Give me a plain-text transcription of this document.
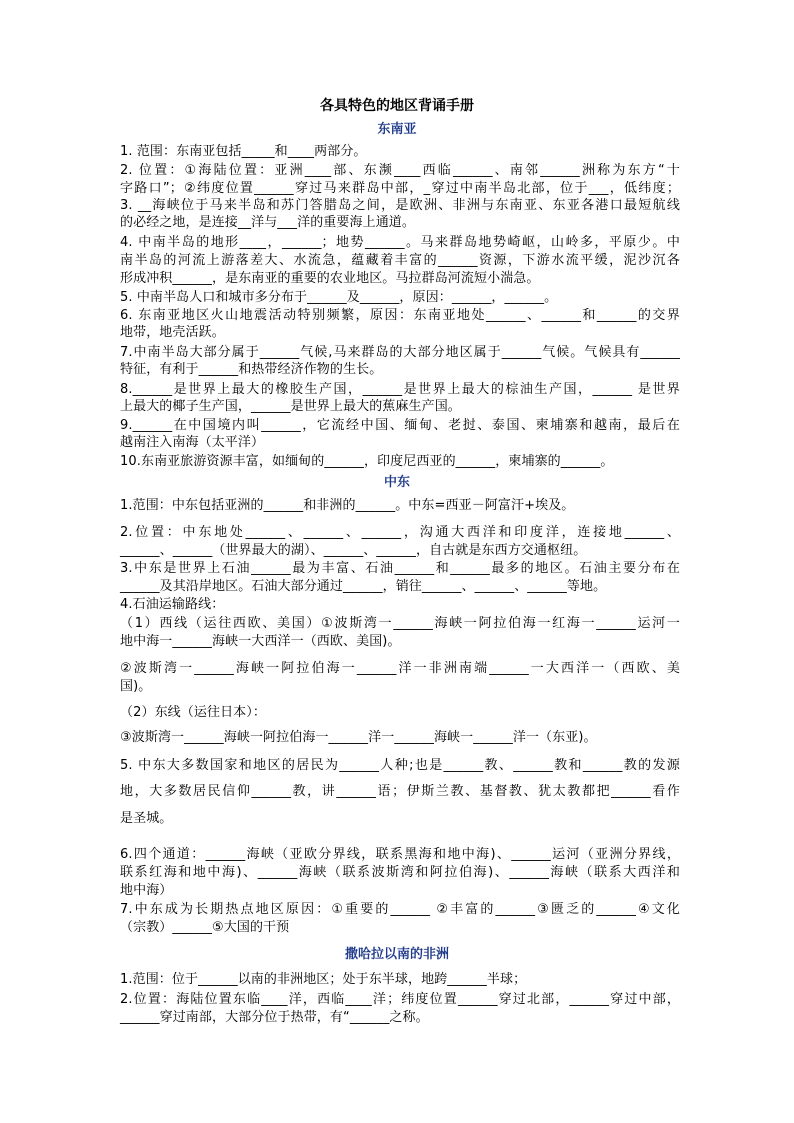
各具特色的地区背诵手册
东南亚
1. 范围：东南亚包括_____和____两部分。
2. 位置：①海陆位置：亚洲____部、东濒____西临______、南邻______洲称为东方“十
字路口”；②纬度位置______穿过马来群岛中部，_穿过中南半岛北部，位于___，低纬度；
3. __海峡位于马来半岛和苏门答腊岛之间，是欧洲、非洲与东南亚、东亚各港口最短航线
的必经之地，是连接__洋与___洋的重要海上通道。
4. 中南半岛的地形____，______；地势______。马来群岛地势崎岖，山岭多，平原少。中
南半岛的河流上游落差大、水流急，蕴藏着丰富的______资源，下游水流平缓，泥沙沉各
形成冲积______，是东南亚的重要的农业地区。马拉群岛河流短小湍急。
5. 中南半岛人口和城市多分布于______及______，原因：______，______。
6. 东南亚地区火山地震活动特别频繁，原因：东南亚地处______、______和______的交界
地带，地壳活跃。
7.中南半岛大部分属于______气候,马来群岛的大部分地区属于______气候。气候具有______
特征，有利于______和热带经济作物的生长。
8.______是世界上最大的橡胶生产国，______是世界上最大的棕油生产国，______ 是世界
上最大的椰子生产国，______是世界上最大的蕉麻生产国。
9.______在中国境内叫______，它流经中国、缅甸、老挝、泰国、柬埔寨和越南，最后在
越南注入南海（太平洋）
10.东南亚旅游资源丰富，如缅甸的______，印度尼西亚的______，柬埔寨的______。
中东
1.范围：中东包括亚洲的______和非洲的______。中东=西亚－阿富汗+埃及。
2.位置：中东地处______、______、______，沟通大西洋和印度洋，连接地______、
______、______（世界最大的湖）、______、______，自古就是东西方交通枢纽。
3.中东是世界上石油______最为丰富、石油______和______最多的地区。石油主要分布在
______及其沿岸地区。石油大部分通过______，销往______、______、______等地。
4.石油运输路线：
（1）西线（运往西欧、美国）①波斯湾一______海峡一阿拉伯海一红海一______运河一
地中海一______海峡一大西洋一（西欧、美国)。
②波斯湾一______海峡一阿拉伯海一______洋一非洲南端______一大西洋一（西欧、美
国)。
（2）东线（运往日本）：
③波斯湾一______海峡一阿拉伯海一______洋一______海峡一______洋一（东亚)。
5. 中东大多数国家和地区的居民为______人种;也是______教、______教和______教的发源
地，大多数居民信仰______教，讲______语；伊斯兰教、基督教、犹太教都把______看作
是圣城。
6.四个通道：______海峡（亚欧分界线，联系黑海和地中海)、______运河（亚洲分界线，
联系红海和地中海)、______海峡（联系波斯湾和阿拉伯海)、______海峡（联系大西洋和
地中海）
7.中东成为长期热点地区原因：①重要的______ ②丰富的______③匮乏的______④文化
（宗教）______⑤大国的干预
撒哈拉以南的非洲
1.范围：位于______以南的非洲地区；处于东半球，地跨______半球；
2.位置：海陆位置东临____洋，西临____洋；纬度位置______穿过北部，______穿过中部，
______穿过南部，大部分位于热带，有“______之称。
